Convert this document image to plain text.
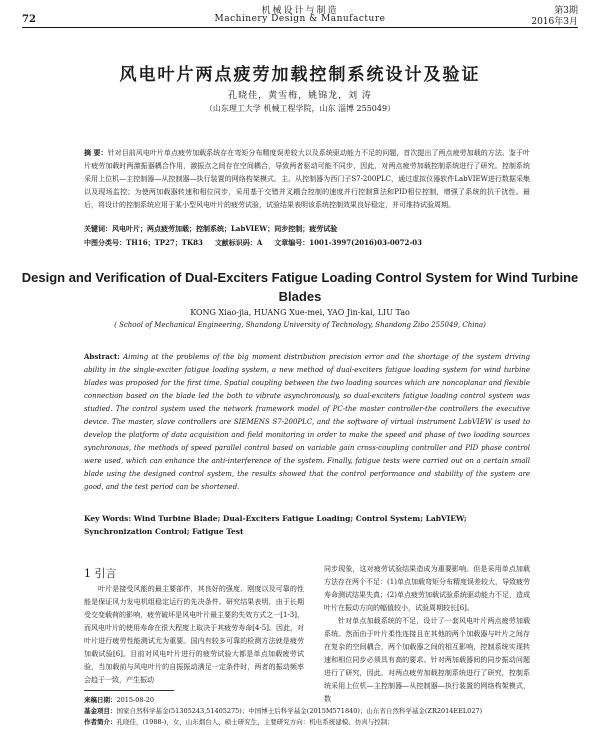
机械设计与制造	第3期
72	Machinery Design & Manufacture	2016年3月
风电叶片两点疲劳加载控制系统设计及验证
孔晓佳，黄雪梅，姚锦龙，刘 涛
（山东理工大学 机械工程学院，山东 淄博 255049）
摘 要：针对目前风电叶片单点疲劳加载系统存在弯矩分布精度误差较大以及系统驱动能力不足的问题，首次提出了两点疲劳加载的方法。鉴于叶片疲劳加载时两激振器耦合作用，激振点之间存在空间耦合，导致两者驱动可能不同步，因此，对两点疲劳加载控制系统进行了研究。控制系统采用上位机—主控制器—从控制器—执行装置的网络构架模式。主、从控制器为西门子S7-200PLC，通过虚拟仪器软件LabVIEW进行数据采集以及现场监控；为使两加载器转速和相位同步，采用基于交错并叉耦合控制的速度并行控制算法和PID相位控制，增强了系统的抗干扰性。最后，将设计的控制系统应用于某小型风电叶片的疲劳试验，试验结果表明该系统控制效果良好稳定，并可维持试验周期。
关键词：风电叶片；两点疲劳加载；控制系统；LabVIEW；同步控制；疲劳试验
中图分类号：TH16；TP27；TK83 文献标识码：A 文章编号：1001-3997(2016)03-0072-03
Design and Verification of Dual-Exciters Fatigue Loading Control System for Wind Turbine Blades
KONG Xiao-jia, HUANG Xue-mei, YAO Jin-kai, LIU Tao
( School of Mechanical Engineering, Shandong University of Technology, Shandong Zibo 255049, China)
Abstract: Aiming at the problems of the big moment distribution precision error and the shortage of the system driving ability in the single-exciter fatigue loading system, a new method of dual-exciters fatigue loading system for wind turbine blades was proposed for the first time. Spatial coupling between the two loading sources which are noncoplanar and flexible connection based on the blade led the both to vibrate asynchronously, so dual-exciters fatigue loading control system was studied. The control system used the network framework model of PC-the master controller-the controllers the executive device. The master, slave controllers are SIEMENS S7-200PLC, and the software of virtual instrument LabVIEW is used to develop the platform of data acquisition and field monitoring in order to make the speed and phase of two loading sources synchronous, the methods of speed parallel control based on variable gain cross-coupling controller and PID phase control were used, which can enhance the anti-interference of the system. Finally, fatigue tests were carried out on a certain small blade using the designed control system, the results showed that the control performance and stability of the system are good, and the test period can be shortened.
Key Words: Wind Turbine Blade; Dual-Exciters Fatigue Loading; Control System; LabVIEW; Synchronization Control; Fatigue Test
1 引言
叶片是接受风能的最主要部件，其良好的强度、刚度以及可靠的性能是保证风力发电机组稳定运行的先决条件。研究结果表明，由于长期受交变载荷的影响，疲劳破坏是风电叶片最主要的失效方式之一[1-3]，而风电叶片的使用寿命在很大程度上取决于其疲劳寿命[4-5]。因此，对叶片进行疲劳性能测试尤为重要。国内有较多可靠的检测方法就是疲劳加载试验[6]。目前对风电叶片进行的疲劳试验大都是单点加载疲劳试验，当加载前与风电叶片的自振振动满足一定条件时，两者的振动频率会趋于一致，产生振动

同步现象，这对疲劳试验结果造成为重要影响。但是采用单点加载方法存在两个不足：(1)单点加载弯矩分布精度误差较大，导致疲劳寿命测试结果失真；(2)单点疲劳加载试验系统驱动能力不足，造成叶片在振动方向的幅值较小，试验周期较长[6]。

针对单点加载系统的不足，设计了一套风电叶片两点疲劳加载系统。然而由于叶片柔性连接且在其他的两个加载器与叶片之间存在复杂的空间耦合，两个加载器之间的相互影响，控制系统实现转速和相位同步必须具有高的要求。针对两加载器间的同步振动问题进行了研究，因此，对两点疲劳加载控制系统进行了研究，控制系统采用上位机—主控制器—从控制器—执行装置的网络构架模式，数

来稿日期：2015-08-20
基金项目：国家自然科学基金(51305243,51405275)；中国博士后科学基金(2015M571840)；山东省自然科学基金(ZR2014EEL027)
作者简介：孔晓佳，(1988-)，女，山东烟台人，硕士研究生，主要研究方向：机电系统建模、仿真与控制；
